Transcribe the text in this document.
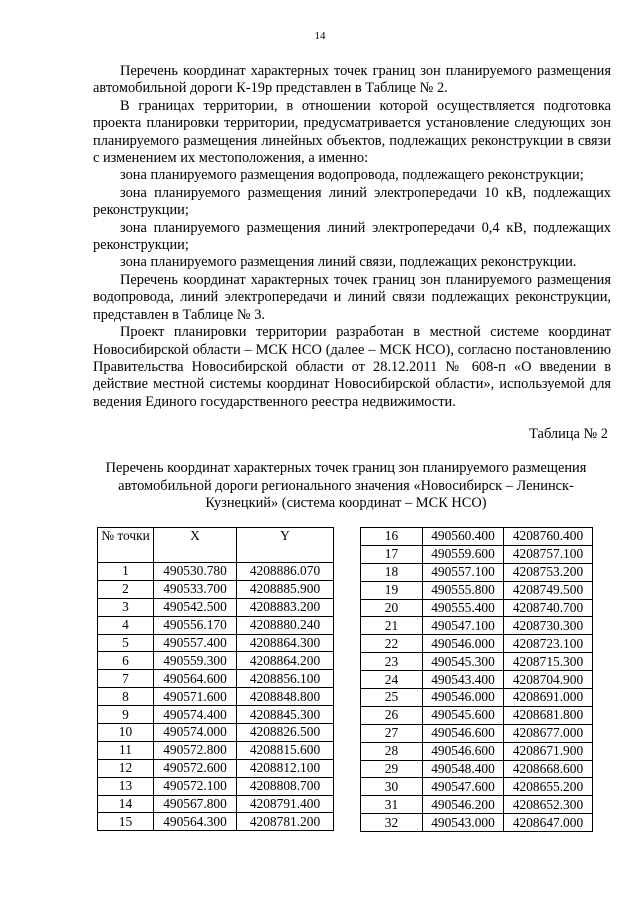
14

Перечень координат характерных точек границ зон планируемого размещения автомобильной дороги К-19р представлен в Таблице № 2.

В границах территории, в отношении которой осуществляется подготовка проекта планировки территории, предусматривается установление следующих зон планируемого размещения линейных объектов, подлежащих реконструкции в связи с изменением их местоположения, а именно:

зона планируемого размещения водопровода, подлежащего реконструкции;

зона планируемого размещения линий электропередачи 10 кВ, подлежащих реконструкции;

зона планируемого размещения линий электропередачи 0,4 кВ, подлежащих реконструкции;

зона планируемого размещения линий связи, подлежащих реконструкции.

Перечень координат характерных точек границ зон планируемого размещения водопровода, линий электропередачи и линий связи подлежащих реконструкции, представлен в Таблице № 3.

Проект планировки территории разработан в местной системе координат Новосибирской области – МСК НСО (далее – МСК НСО), согласно постановлению Правительства Новосибирской области от 28.12.2011 № 608-п «О введении в действие местной системы координат Новосибирской области», используемой для ведения Единого государственного реестра недвижимости.

Таблица № 2
Перечень координат характерных точек границ зон планируемого размещения автомобильной дороги регионального значения «Новосибирск – Ленинск-Кузнецкий» (система координат – МСК НСО)
№ точки	X	Y
1	490530.780	4208886.070
2	490533.700	4208885.900
3	490542.500	4208883.200
4	490556.170	4208880.240
5	490557.400	4208864.300
6	490559.300	4208864.200
7	490564.600	4208856.100
8	490571.600	4208848.800
9	490574.400	4208845.300
10	490574.000	4208826.500
11	490572.800	4208815.600
12	490572.600	4208812.100
13	490572.100	4208808.700
14	490567.800	4208791.400
15	490564.300	4208781.200
16	490560.400	4208760.400
17	490559.600	4208757.100
18	490557.100	4208753.200
19	490555.800	4208749.500
20	490555.400	4208740.700
21	490547.100	4208730.300
22	490546.000	4208723.100
23	490545.300	4208715.300
24	490543.400	4208704.900
25	490546.000	4208691.000
26	490545.600	4208681.800
27	490546.600	4208677.000
28	490546.600	4208671.900
29	490548.400	4208668.600
30	490547.600	4208655.200
31	490546.200	4208652.300
32	490543.000	4208647.000
